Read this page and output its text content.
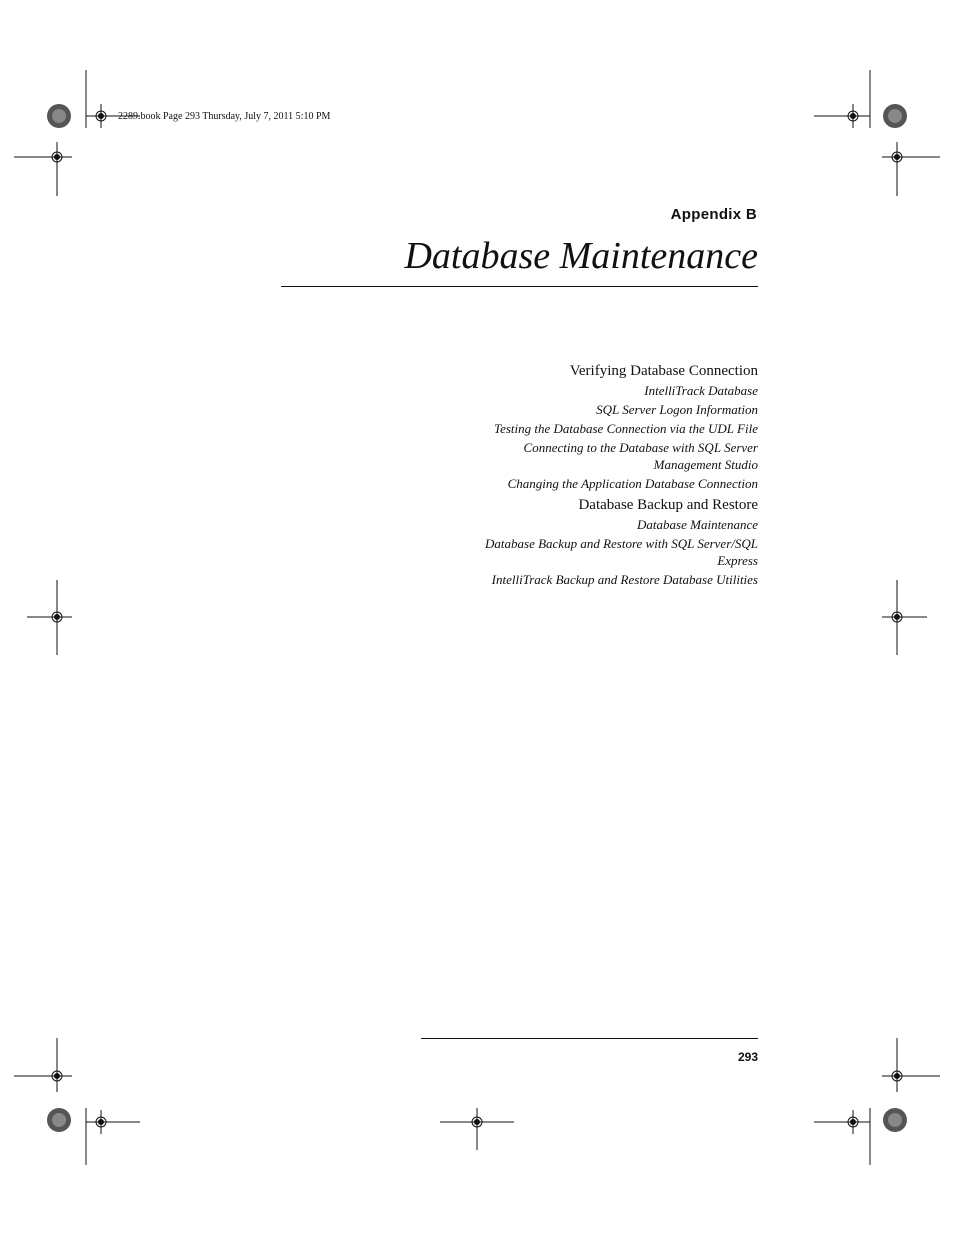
2289.book Page 293 Thursday, July 7, 2011 5:10 PM
Appendix B
Database Maintenance
Verifying Database Connection
IntelliTrack Database
SQL Server Logon Information
Testing the Database Connection via the UDL File
Connecting to the Database with SQL Server
Management Studio
Changing the Application Database Connection
Database Backup and Restore
Database Maintenance
Database Backup and Restore with SQL Server/SQL
Express
IntelliTrack Backup and Restore Database Utilities
293
